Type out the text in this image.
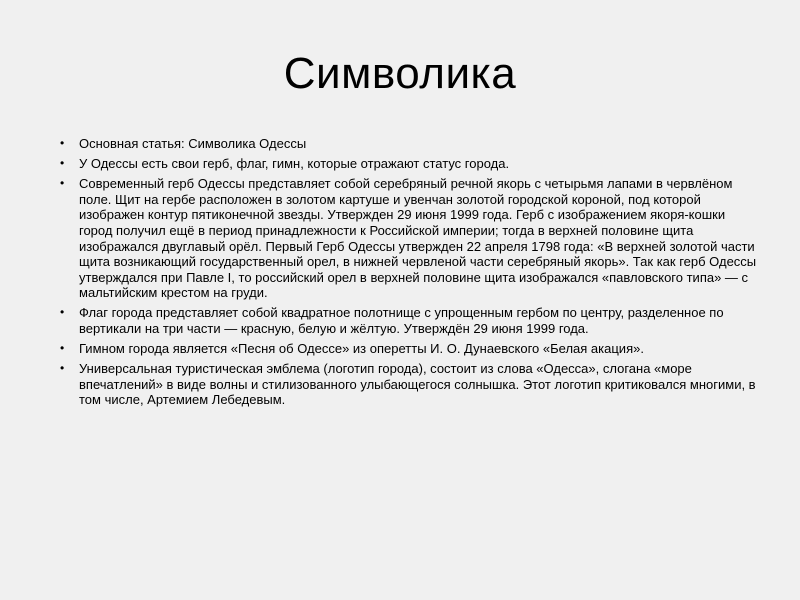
Символика
• Основная статья: Символика Одессы
• У Одессы есть свои герб, флаг, гимн, которые отражают статус города.
• Современный герб Одессы представляет собой серебряный речной якорь с четырьмя лапами в червлёном поле. Щит на гербе расположен в золотом картуше и увенчан золотой городской короной, под которой изображен контур пятиконечной звезды. Утвержден 29 июня 1999 года. Герб с изображением якоря-кошки город получил ещё в период принадлежности к Российской империи; тогда в верхней половине щита изображался двуглавый орёл. Первый Герб Одессы утвержден 22 апреля 1798 года: «В верхней золотой части щита возникающий государственный орел, в нижней червленой части серебряный якорь». Так как герб Одессы утверждался при Павле I, то российский орел в верхней половине щита изображался «павловского типа» — с мальтийским крестом на груди.
• Флаг города представляет собой квадратное полотнище с упрощенным гербом по центру, разделенное по вертикали на три части — красную, белую и жёлтую. Утверждён 29 июня 1999 года.
• Гимном города является «Песня об Одессе» из оперетты И. О. Дунаевского «Белая акация».
• Универсальная туристическая эмблема (логотип города), состоит из слова «Одесса», слогана «море впечатлений» в виде волны и стилизованного улыбающегося солнышка. Этот логотип критиковался многими, в том числе, Артемием Лебедевым.
